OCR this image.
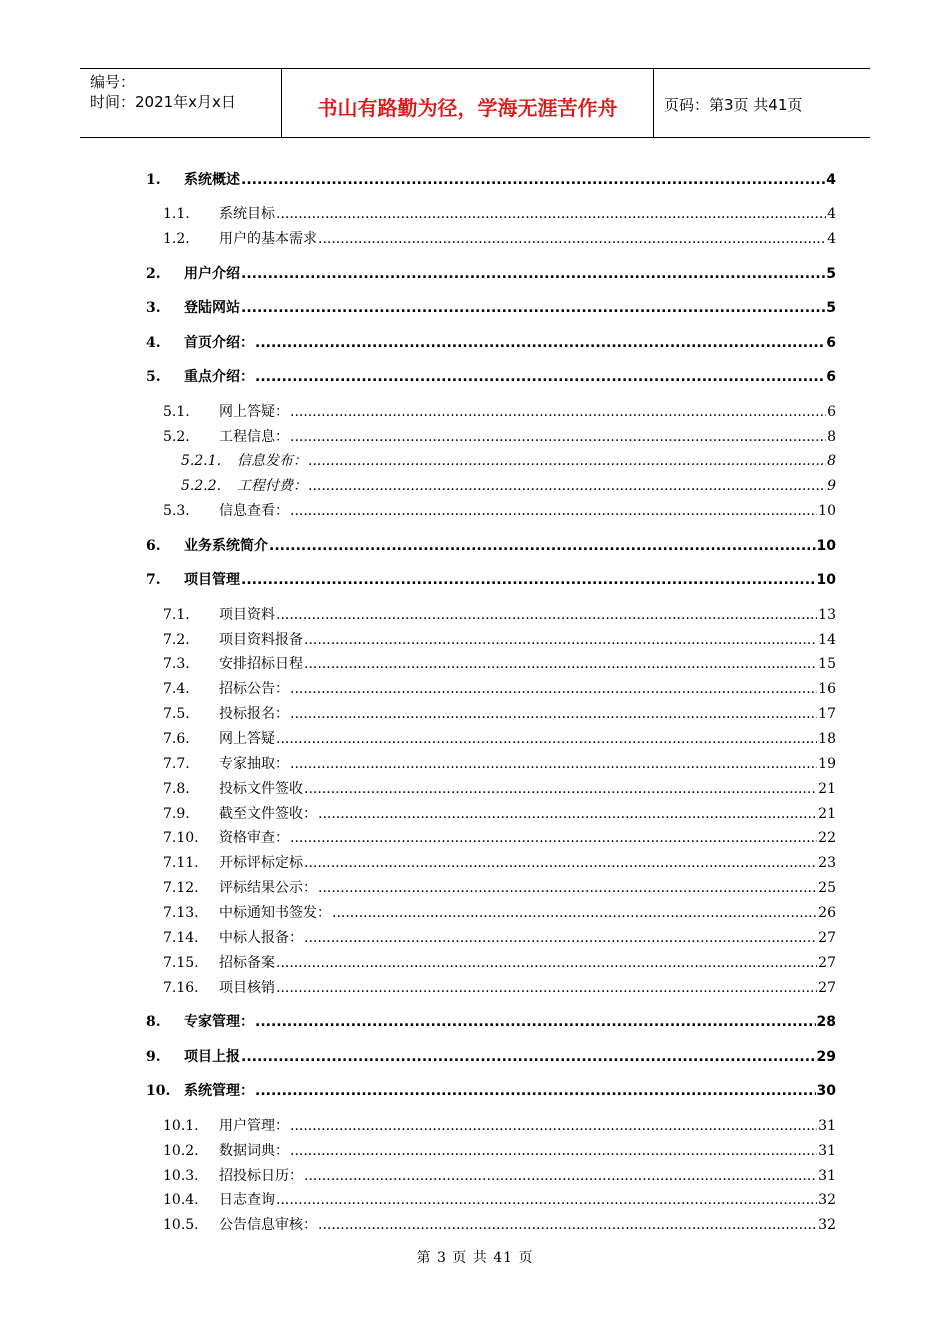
编号：
时间：2021年x月x日	书山有路勤为径，学海无涯苦作舟	页码：第3页 共41页
1.	系统概述 .....	4
1.1.	系统目标 .....	4
1.2.	用户的基本需求 .....	4
2.	用户介绍 .....	5
3.	登陆网站 .....	5
4.	首页介绍： .....	6
5.	重点介绍： .....	6
5.1.	网上答疑： .....	6
5.2.	工程信息： .....	8
5.2.1.	信息发布： .....	8
5.2.2.	工程付费： .....	9
5.3.	信息查看： .....	10
6.	业务系统简介 .....	10
7.	项目管理 .....	10
7.1.	项目资料 .....	13
7.2.	项目资料报备 .....	14
7.3.	安排招标日程 .....	15
7.4.	招标公告： .....	16
7.5.	投标报名： .....	17
7.6.	网上答疑 .....	18
7.7.	专家抽取： .....	19
7.8.	投标文件签收 .....	21
7.9.	截至文件签收： .....	21
7.10.	资格审查： .....	22
7.11.	开标评标定标 .....	23
7.12.	评标结果公示： .....	25
7.13.	中标通知书签发： .....	26
7.14.	中标人报备： .....	27
7.15.	招标备案 .....	27
7.16.	项目核销 .....	27
8.	专家管理： .....	28
9.	项目上报 .....	29
10. 系统管理： .....	30
10.1.	用户管理： .....	31
10.2.	数据词典： .....	31
10.3.	招投标日历： .....	31
10.4.	日志查询 .....	32
10.5.	公告信息审核： .....	32
第 3 页 共 41 页
